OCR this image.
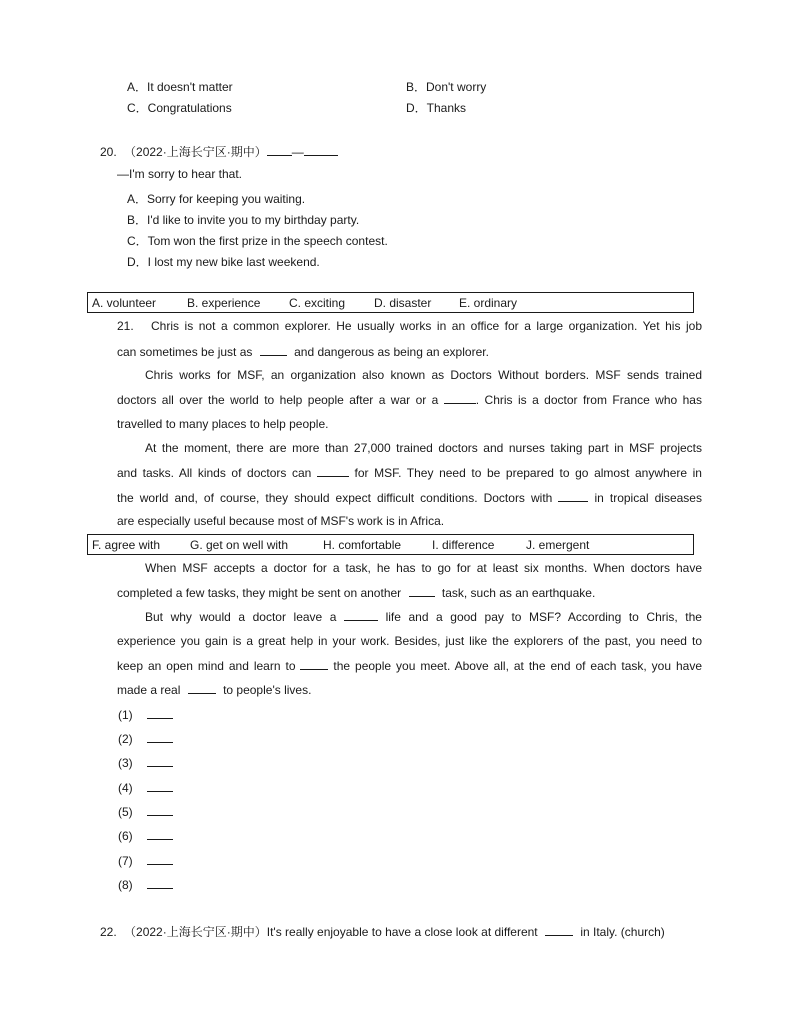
A．It doesn't matter	B．Don't worry
C．Congratulations	D．Thanks
20. （2022·上海长宁区·期中） —
—I'm sorry to hear that.
A．Sorry for keeping you waiting.
B．I'd like to invite you to my birthday party.
C．Tom won the first prize in the speech contest.
D．I lost my new bike last weekend.
A. volunteer	B. experience C. exciting D. disaster E. ordinary
21. Chris is not a common explorer. He usually works in an office for a large organization. Yet his job
can sometimes be just as	and dangerous as being an explorer.
Chris works for MSF, an organization also known as Doctors Without borders. MSF sends trained
doctors all over the world to help people after a war or a	. Chris is a doctor from France who has
travelled to many places to help people.
At the moment, there are more than 27,000 trained doctors and nurses taking part in MSF projects
and tasks. All kinds of doctors can	for MSF. They need to be prepared to go almost anywhere in
the world and, of course, they should expect difficult conditions. Doctors with	in tropical diseases
are especially useful because most of MSF's work is in Africa.
F. agree with G. get on well with	H. comfortable	I. difference	J. emergent
When MSF accepts a doctor for a task, he has to go for at least six months. When doctors have
completed a few tasks, they might be sent on another	task, such as an earthquake.
But why would a doctor leave a	life and a good pay to MSF? According to Chris, the
experience you gain is a great help in your work. Besides, just like the explorers of the past, you need to
keep an open mind and learn to	the people you meet. Above all, at the end of each task, you have
made a real	to people's lives.
(1)
(2)
(3)
(4)
(5)
(6)
(7)
(8)
22. （2022·上海长宁区·期中）It's really enjoyable to have a close look at different	in Italy. (church)
